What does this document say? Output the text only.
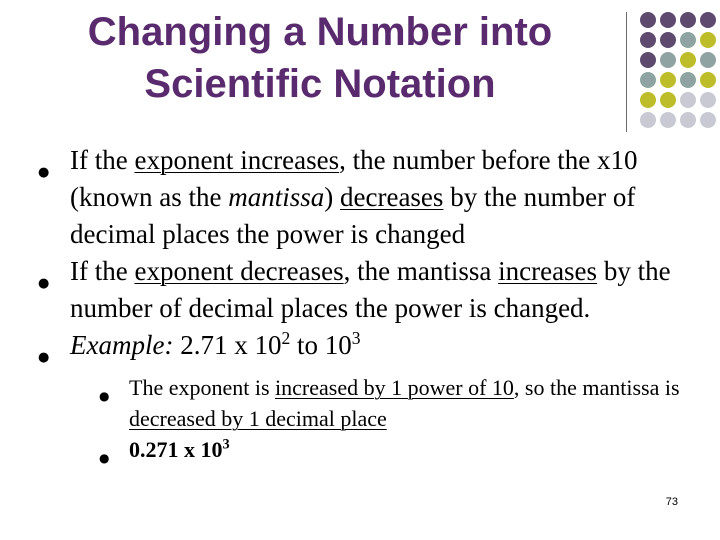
Changing a Number into
Scientific Notation
● If the exponent increases, the number before the x10 (known as the mantissa) decreases by the number of decimal places the power is changed
● If the exponent decreases, the mantissa increases by the number of decimal places the power is changed.
● Example: 2.71 x $10^2$ to $10^3$
● The exponent is increased by 1 power of 10, so the mantissa is decreased by 1 decimal place
● 0.271 x $10^3$
73
